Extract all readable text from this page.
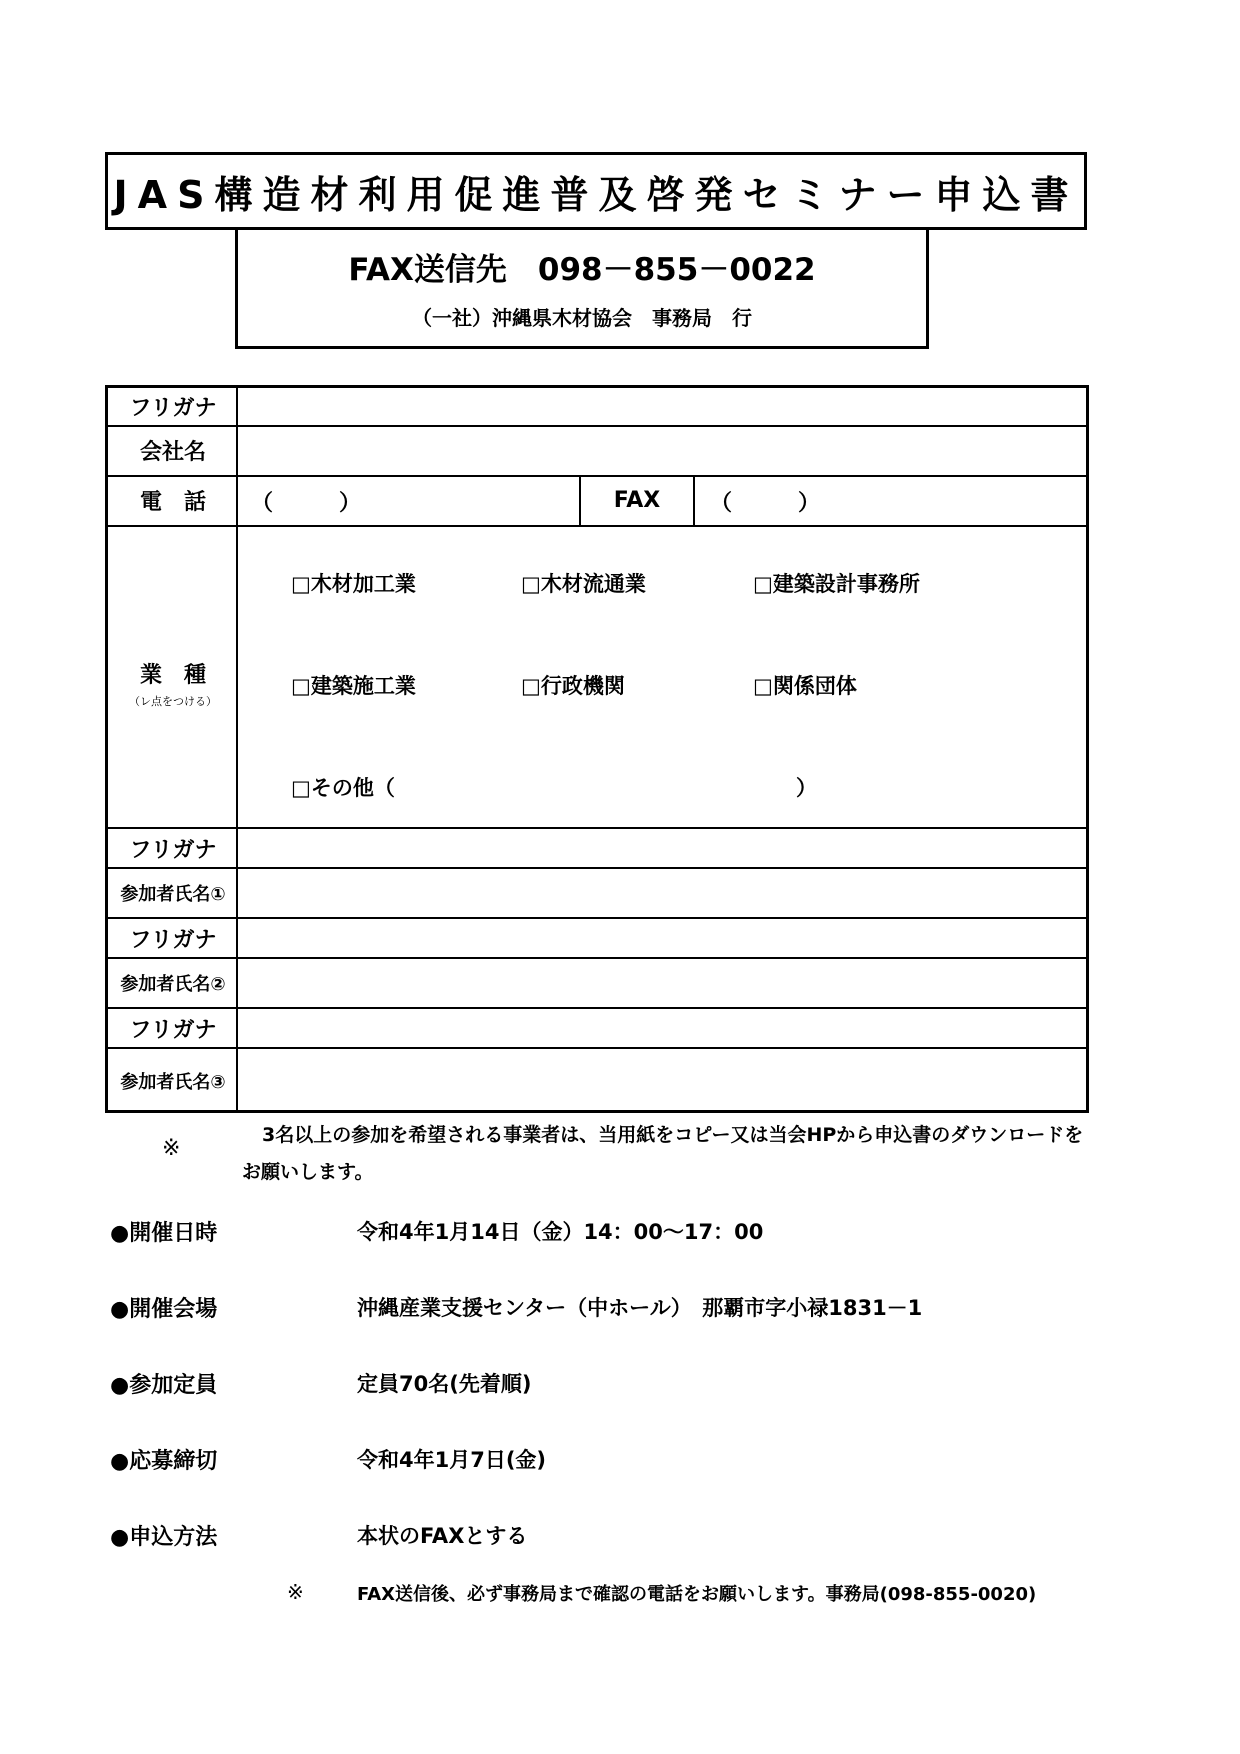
JAS構造材利用促進普及啓発セミナー申込書
FAX送信先　098－855－0022
（一社）沖縄県木材協会　事務局　行
フリガナ
会社名
電　話	（　　　）	FAX	（　　　）
業　種
（レ点をつける）
□木材加工業	□木材流通業	□建築設計事務所
□建築施工業	□行政機関	□関係団体
□その他（	）
フリガナ
参加者氏名①
フリガナ
参加者氏名②
フリガナ
参加者氏名③
※
3名以上の参加を希望される事業者は、当用紙をコピー又は当会HPから申込書のダウンロードをお願いします。
●開催日時	令和4年1月14日（金）14：00～17：00
●開催会場	沖縄産業支援センター（中ホール）　那覇市字小禄1831－1
●参加定員	定員70名(先着順)
●応募締切	令和4年1月7日(金)
●申込方法	本状のFAXとする
※	FAX送信後、必ず事務局まで確認の電話をお願いします。事務局(098-855-0020)
